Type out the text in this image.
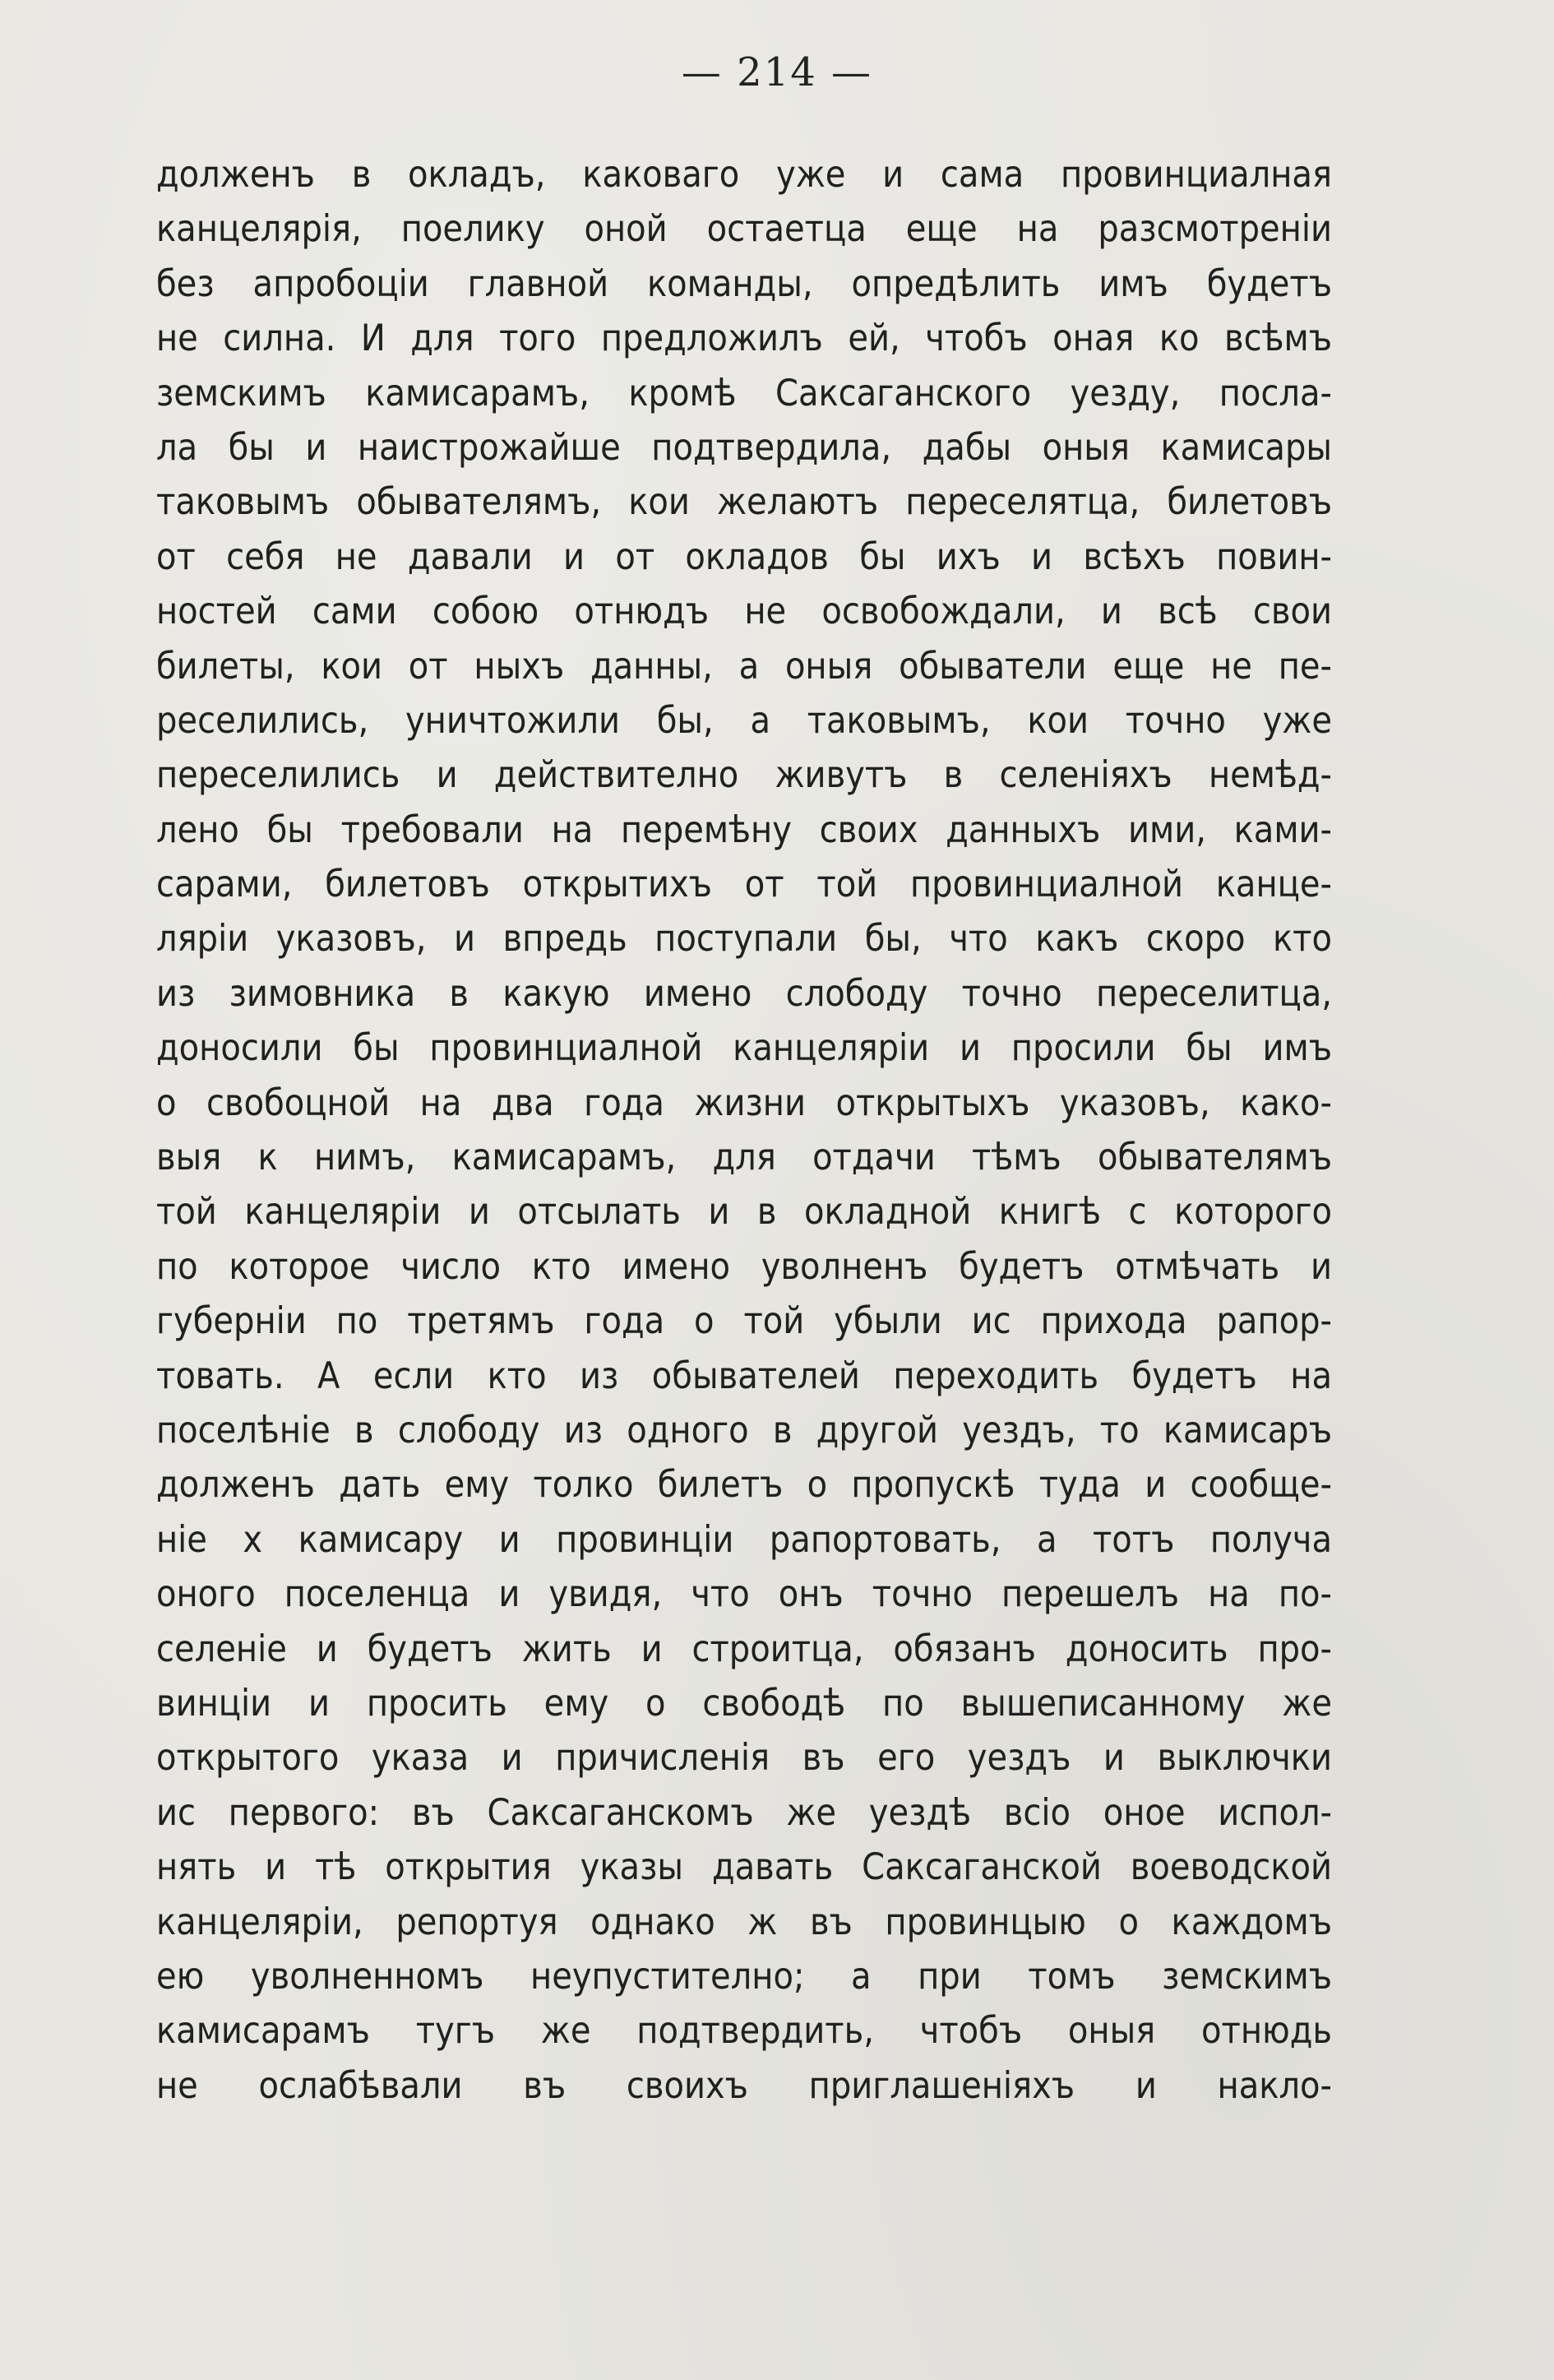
— 214 —
долженъ в окладъ, каковаго уже и сама провинциалная
канцелярія, поелику оной остаетца еще на разсмотреніи
без апробоціи главной команды, опредѣлить имъ будетъ
не силна. И для того предложилъ ей, чтобъ оная ко всѣмъ
земскимъ камисарамъ, кромѣ Саксаганского уезду, посла-
ла бы и наистрожайше подтвердила, дабы оныя камисары
таковымъ обывателямъ, кои желаютъ переселятца, билетовъ
от себя не давали и от окладов бы ихъ и всѣхъ повин-
ностей сами собою отнюдъ не освобождали, и всѣ свои
билеты, кои от ныхъ данны, а оныя обыватели еще не пе-
реселились, уничтожили бы, а таковымъ, кои точно уже
переселились и действително живутъ в селеніяхъ немѣд-
лено бы требовали на перемѣну своих данныхъ ими, ками-
сарами, билетовъ открытихъ от той провинциалной канце-
ляріи указовъ, и впредь поступали бы, что какъ скоро кто
из зимовника в какую имено слободу точно переселитца,
доносили бы провинциалной канцеляріи и просили бы имъ
о свобоцной на два года жизни открытыхъ указовъ, како-
выя к нимъ, камисарамъ, для отдачи тѣмъ обывателямъ
той канцеляріи и отсылать и в окладной книгѣ с которого
по которое число кто имено уволненъ будетъ отмѣчать и
губерніи по третямъ года о той убыли ис прихода рапор-
товать. А если кто из обывателей переходить будетъ на
поселѣніе в слободу из одного в другой уездъ, то камисаръ
долженъ дать ему толко билетъ о пропускѣ туда и сообще-
ніе х камисару и провинціи рапортовать, а тотъ получа
оного поселенца и увидя, что онъ точно перешелъ на по-
селеніе и будетъ жить и строитца, обязанъ доносить про-
винціи и просить ему о свободѣ по вышеписанному же
открытого указа и причисленія въ его уездъ и выключки
ис первого: въ Саксаганскомъ же уездѣ всіо оное испол-
нять и тѣ открытия указы давать Саксаганской воеводской
канцеляріи, репортуя однако ж въ провинцыю о каждомъ
ею уволненномъ неупустително; а при томъ земскимъ
камисарамъ тугъ же подтвердить, чтобъ оныя отнюдь
не ослабѣвали въ своихъ приглашеніяхъ и накло-
